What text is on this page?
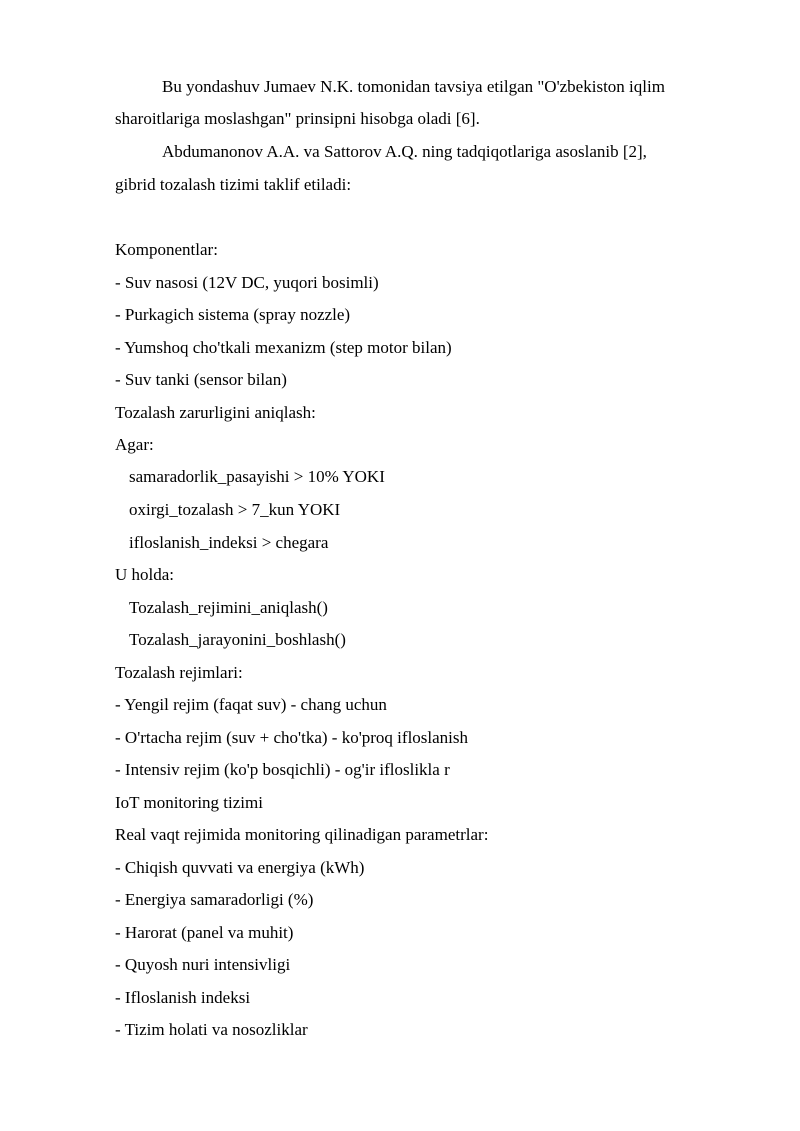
Bu yondashuv Jumaev N.K. tomonidan tavsiya etilgan "O'zbekiston iqlim
sharoitlariga moslashgan" prinsipni hisobga oladi [6].
Abdumanonov A.A. va Sattorov A.Q. ning tadqiqotlariga asoslanib [2],
gibrid tozalash tizimi taklif etiladi:
Komponentlar:
- Suv nasosi (12V DC, yuqori bosimli)
- Purkagich sistema (spray nozzle)
- Yumshoq cho'tkali mexanizm (step motor bilan)
- Suv tanki (sensor bilan)
Tozalash zarurligini aniqlash:
Agar:
samaradorlik_pasayishi > 10% YOKI
oxirgi_tozalash > 7_kun YOKI
ifloslanish_indeksi > chegara
U holda:
Tozalash_rejimini_aniqlash()
Tozalash_jarayonini_boshlash()
Tozalash rejimlari:
- Yengil rejim (faqat suv) - chang uchun
- O'rtacha rejim (suv + cho'tka) - ko'proq ifloslanish
- Intensiv rejim (ko'p bosqichli) - og'ir ifloslikla r
IoT monitoring tizimi
Real vaqt rejimida monitoring qilinadigan parametrlar:
- Chiqish quvvati va energiya (kWh)
- Energiya samaradorligi (%)
- Harorat (panel va muhit)
- Quyosh nuri intensivligi
- Ifloslanish indeksi
- Tizim holati va nosozliklar
